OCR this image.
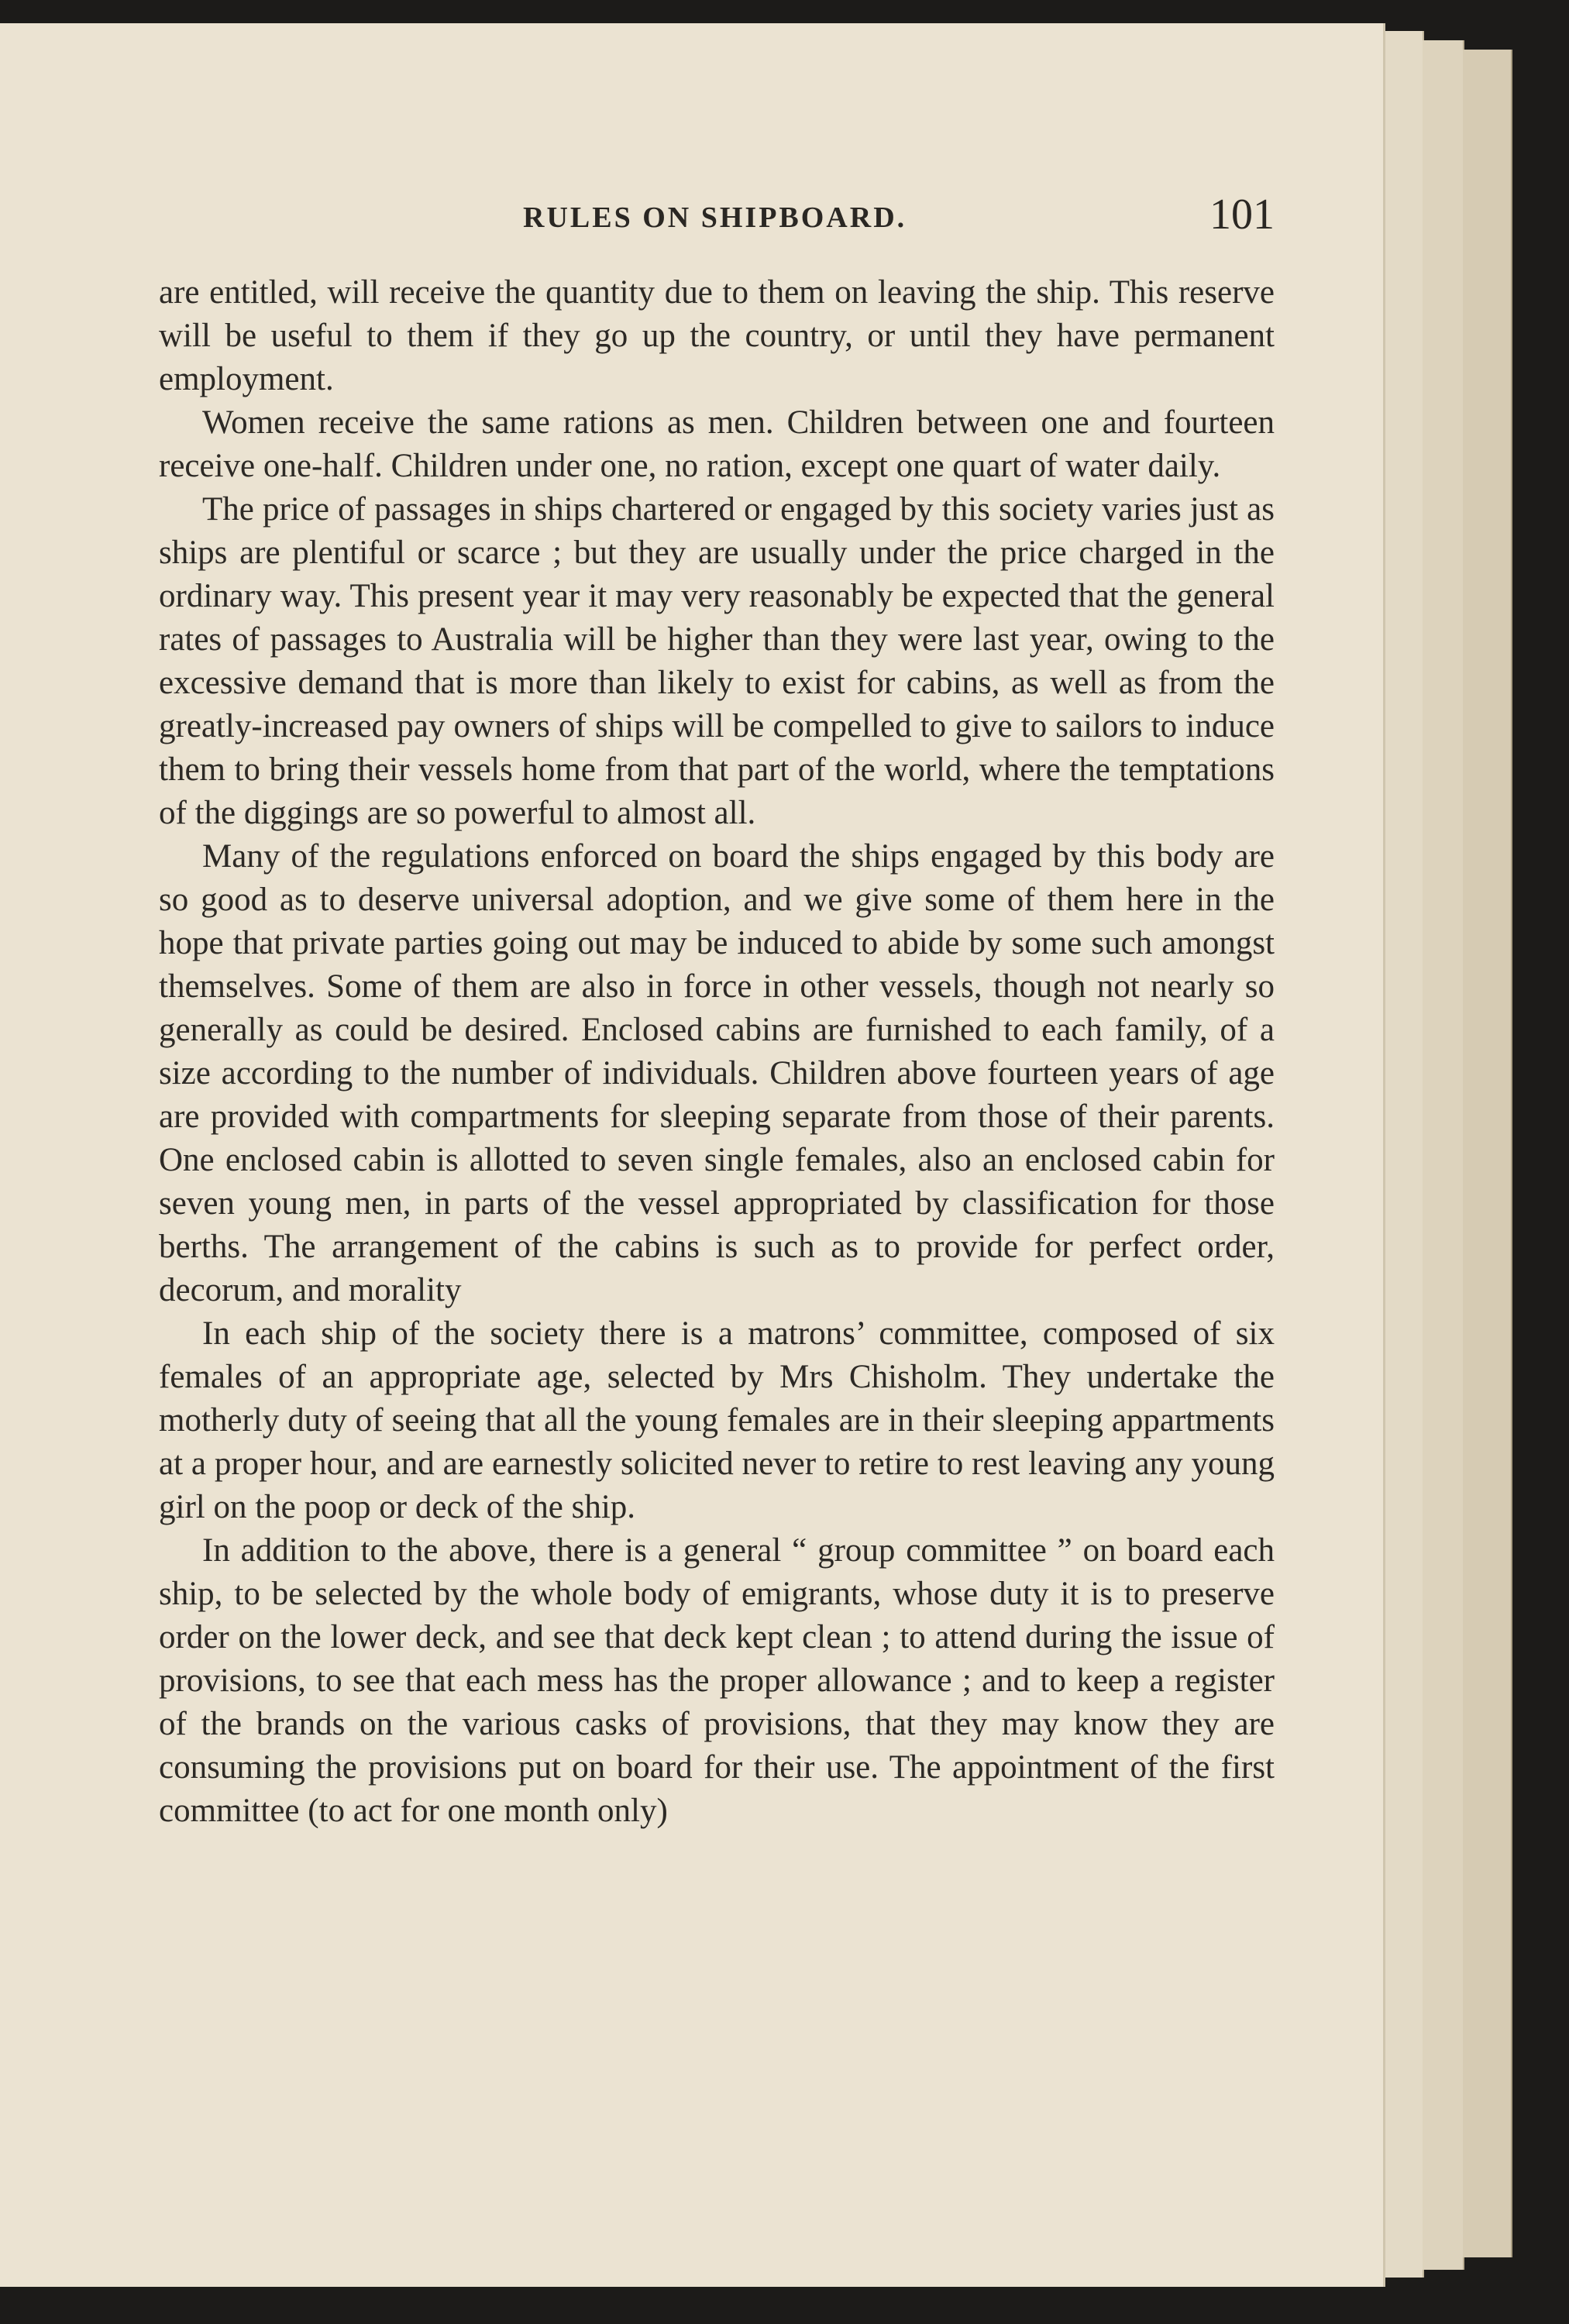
RULES ON SHIPBOARD.	101

are entitled, will receive the quantity due to them on leaving the ship. This reserve will be useful to them if they go up the country, or until they have permanent employment.

Women receive the same rations as men. Children between one and fourteen receive one-half. Children under one, no ration, except one quart of water daily.

The price of passages in ships chartered or engaged by this society varies just as ships are plentiful or scarce ; but they are usually under the price charged in the ordinary way. This present year it may very reasonably be expected that the general rates of passages to Australia will be higher than they were last year, owing to the excessive demand that is more than likely to exist for cabins, as well as from the greatly-increased pay owners of ships will be compelled to give to sailors to induce them to bring their vessels home from that part of the world, where the temptations of the diggings are so powerful to almost all.

Many of the regulations enforced on board the ships engaged by this body are so good as to deserve universal adoption, and we give some of them here in the hope that private parties going out may be induced to abide by some such amongst themselves. Some of them are also in force in other vessels, though not nearly so generally as could be desired. Enclosed cabins are furnished to each family, of a size according to the number of individuals. Children above fourteen years of age are provided with compartments for sleeping separate from those of their parents. One enclosed cabin is allotted to seven single females, also an enclosed cabin for seven young men, in parts of the vessel appropriated by classification for those berths. The arrangement of the cabins is such as to provide for perfect order, decorum, and morality

In each ship of the society there is a matrons’ committee, composed of six females of an appropriate age, selected by Mrs Chisholm. They undertake the motherly duty of seeing that all the young females are in their sleeping appartments at a proper hour, and are earnestly solicited never to retire to rest leaving any young girl on the poop or deck of the ship.

In addition to the above, there is a general “ group committee ” on board each ship, to be selected by the whole body of emigrants, whose duty it is to preserve order on the lower deck, and see that deck kept clean ; to attend during the issue of provisions, to see that each mess has the proper allowance ; and to keep a register of the brands on the various casks of provisions, that they may know they are consuming the provisions put on board for their use. The appointment of the first committee (to act for one month only)
